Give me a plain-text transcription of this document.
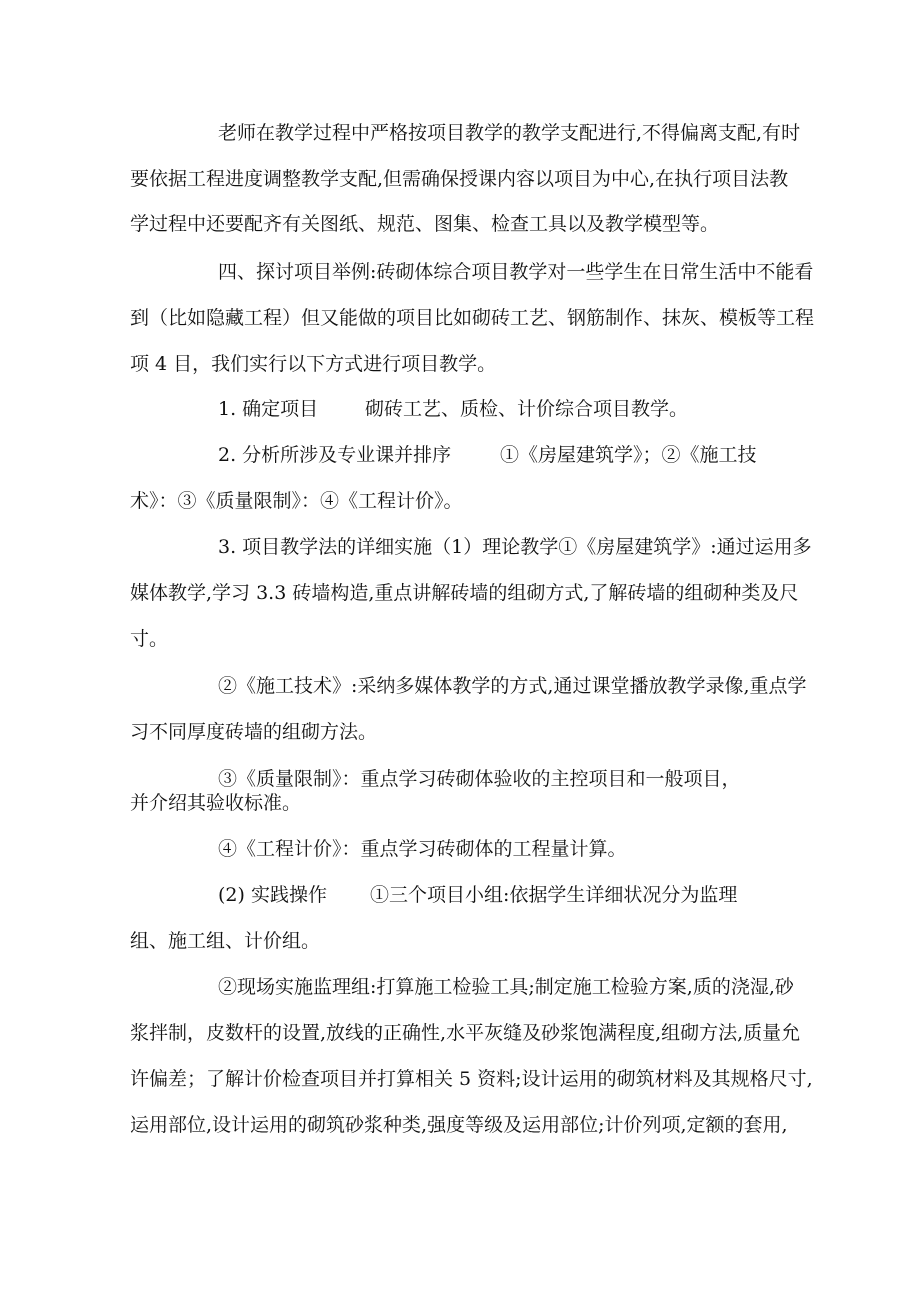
老师在教学过程中严格按项目教学的教学支配进行,不得偏离支配,有时
要依据工程进度调整教学支配,但需确保授课内容以项目为中心,在执行项目法教
学过程中还要配齐有关图纸、规范、图集、检查工具以及教学模型等。
四、探讨项目举例:砖砌体综合项目教学对一些学生在日常生活中不能看
到（比如隐藏工程）但又能做的项目比如砌砖工艺、钢筋制作、抹灰、模板等工程
项 4 目，我们实行以下方式进行项目教学。
1. 确定项目 砌砖工艺、质检、计价综合项目教学。
2. 分析所涉及专业课并排序	①《房屋建筑学》；②《施工技
术》：③《质量限制》：④《工程计价》。
3. 项目教学法的详细实施（1）理论教学①《房屋建筑学》:通过运用多
媒体教学,学习 3.3 砖墙构造,重点讲解砖墙的组砌方式,了解砖墙的组砌种类及尺
寸。
②《施工技术》:采纳多媒体教学的方式,通过课堂播放教学录像,重点学
习不同厚度砖墙的组砌方法。
③《质量限制》：重点学习砖砌体验收的主控项目和一般项目，
并介绍其验收标准。
④《工程计价》：重点学习砖砌体的工程量计算。
(2) 实践操作 ①三个项目小组:依据学生详细状况分为监理
组、施工组、计价组。
②现场实施监理组:打算施工检验工具;制定施工检验方案,质的浇湿,砂
浆拌制，皮数杆的设置,放线的正确性,水平灰缝及砂浆饱满程度,组砌方法,质量允
许偏差；了解计价检查项目并打算相关 5 资料;设计运用的砌筑材料及其规格尺寸,
运用部位,设计运用的砌筑砂浆种类,强度等级及运用部位;计价列项,定额的套用,
